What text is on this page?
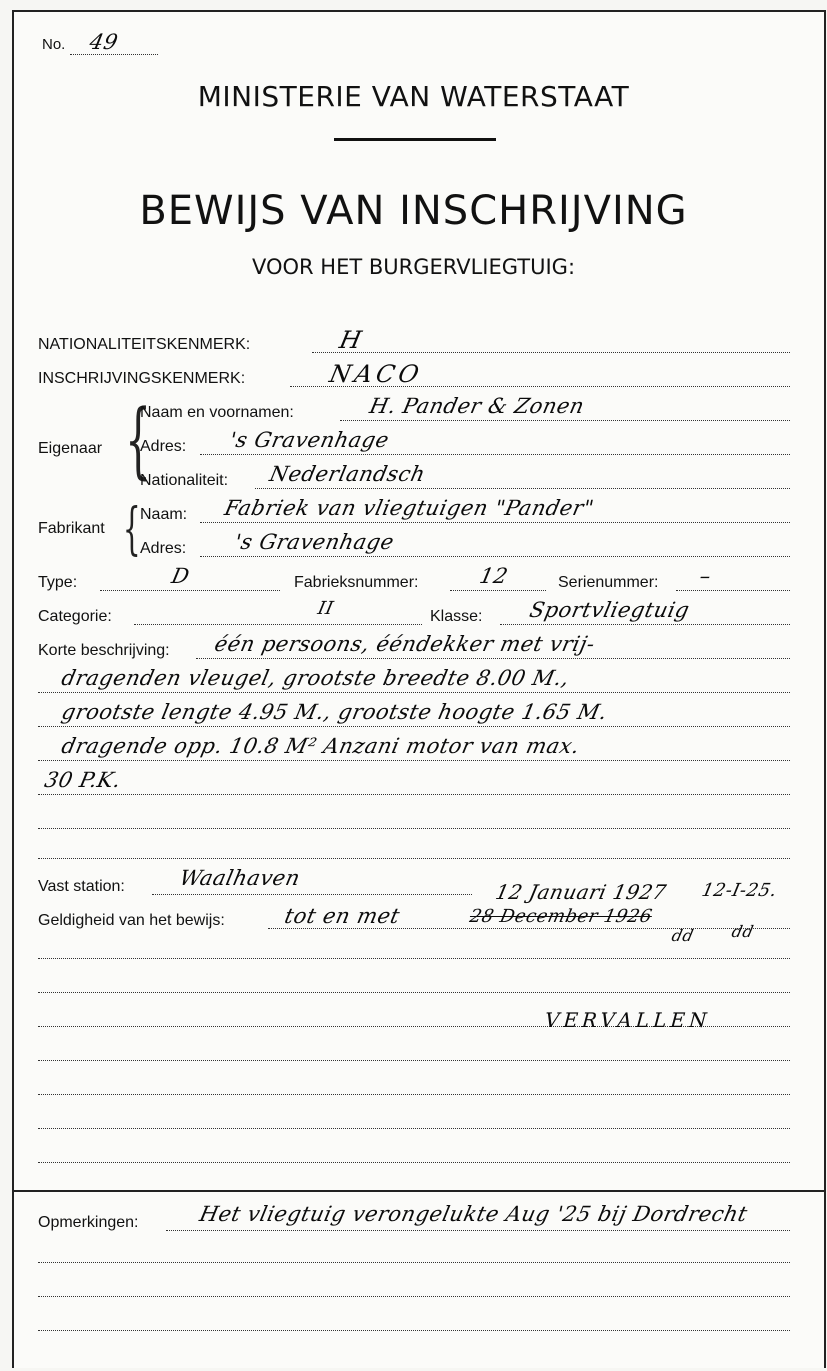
No. 49
MINISTERIE VAN WATERSTAAT
BEWIJS VAN INSCHRIJVING
VOOR HET BURGERVLIEGTUIG:
NATIONALITEITSKENMERK:	H
INSCHRIJVINGSKENMERK:	NACO
Eigenaar {
Naam en voornamen:	H. Pander & Zonen
Adres: 's Gravenhage
Nationaliteit: Nederlandsch
Fabrikant { Naam: Fabriek van vliegtuigen "Pander"
Adres: 's Gravenhage
Type:	D	Fabrieksnummer:	12	Serienummer: –
Categorie:	II	Klasse: Sportvliegtuig
Korte beschrijving: één persoons, ééndekker met vrij-
dragenden vleugel, grootste breedte 8.00 M.,
grootste lengte 4.95 M., grootste hoogte 1.65 M.
dragende opp. 10.8 M² Anzani motor van max.
30 P.K.
Vast station:	Waalhaven
12 Januari 1927 12-I-25.
Geldigheid van het bewijs:	tot en met	28 December 1926
dd dd
VERVALLEN
Opmerkingen:	Het vliegtuig verongelukte Aug '25 bij Dordrecht
